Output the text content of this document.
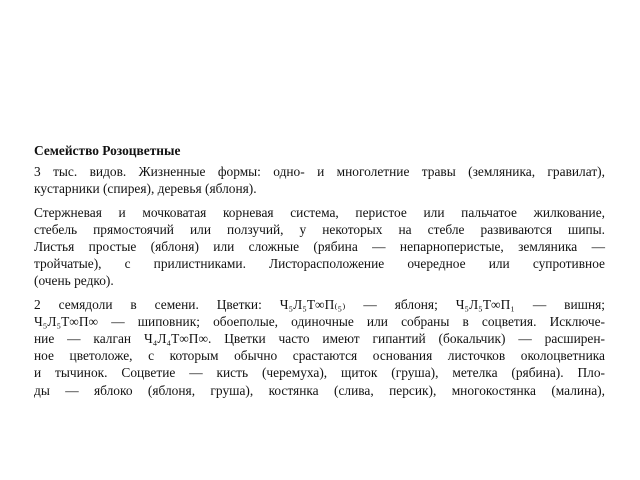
Семейство Розоцветные
3 тыс. видов. Жизненные формы: одно- и многолетние травы (земляника, гравилат),
кустарники (спирея), деревья (яблоня).
Стержневая и мочковатая корневая система, перистое или пальчатое жилкование,
стебель прямостоячий или ползучий, у некоторых на стебле развиваются шипы.
Листья простые (яблоня) или сложные (рябина — непарноперистые, земляника —
тройчатые), с прилистниками. Листорасположение очередное или супротивное
(очень редко).
2 семядоли в семени. Цветки: Ч₅Л₅Т∞П₍₅₎ — яблоня; Ч₅Л₅Т∞П₁ — вишня;
Ч₅Л₅Т∞П∞ — шиповник; обоеполые, одиночные или собраны в соцветия. Исключе-
ние — калган Ч₄Л₄Т∞П∞. Цветки часто имеют гипантий (бокальчик) — расширен-
ное цветоложе, с которым обычно срастаются основания листочков околоцветника
и тычинок. Соцветие — кисть (черемуха), щиток (груша), метелка (рябина). Пло-
ды — яблоко (яблоня, груша), костянка (слива, персик), многокостянка (малина),
